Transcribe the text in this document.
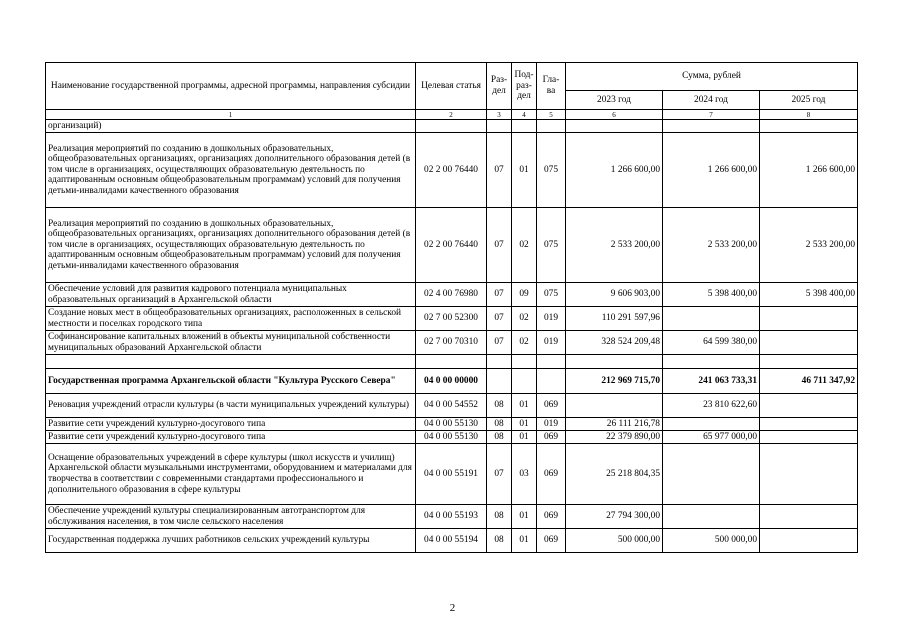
Наименование государственной программы, адресной программы, направления субсидии	Целевая статья	Раз-дел	Под-раз-дел	Гла-ва	Сумма, рублей		
					2023 год	2024 год	2025 год
1	2	3	4	5	6	7	8
организаций)							
Реализация мероприятий по созданию в дошкольных образовательных, общеобразовательных организациях, организациях дополнительного образования детей (в том числе в организациях, осуществляющих образовательную деятельность по адаптированным основным общеобразовательным программам) условий для получения детьми-инвалидами качественного образования	02 2 00 76440	07	01	075	1 266 600,00	1 266 600,00	1 266 600,00
Реализация мероприятий по созданию в дошкольных образовательных, общеобразовательных организациях, организациях дополнительного образования детей (в том числе в организациях, осуществляющих образовательную деятельность по адаптированным основным общеобразовательным программам) условий для получения детьми-инвалидами качественного образования	02 2 00 76440	07	02	075	2 533 200,00	2 533 200,00	2 533 200,00
Обеспечение условий для развития кадрового потенциала муниципальных образовательных организаций в Архангельской области	02 4 00 76980	07	09	075	9 606 903,00	5 398 400,00	5 398 400,00
Создание новых мест в общеобразовательных организациях, расположенных в сельской местности и поселках городского типа	02 7 00 52300	07	02	019	110 291 597,96		
Софинансирование капитальных вложений в объекты муниципальной собственности муниципальных образований Архангельской области	02 7 00 70310	07	02	019	328 524 209,48	64 599 380,00	

Государственная программа Архангельской области "Культура Русского Севера"	04 0 00 00000				212 969 715,70	241 063 733,31	46 711 347,92
Реновация учреждений отрасли культуры (в части муниципальных учреждений культуры)	04 0 00 54552	08	01	069		23 810 622,60	
Развитие сети учреждений культурно-досугового типа	04 0 00 55130	08	01	019	26 111 216,78		
Развитие сети учреждений культурно-досугового типа	04 0 00 55130	08	01	069	22 379 890,00	65 977 000,00	
Оснащение образовательных учреждений в сфере культуры (школ искусств и училищ) Архангельской области музыкальными инструментами, оборудованием и материалами для творчества в соответствии с современными стандартами профессионального и дополнительного образования в сфере культуры	04 0 00 55191	07	03	069	25 218 804,35		
Обеспечение учреждений культуры специализированным автотранспортом для обслуживания населения, в том числе сельского населения	04 0 00 55193	08	01	069	27 794 300,00		
Государственная поддержка лучших работников сельских учреждений культуры	04 0 00 55194	08	01	069	500 000,00	500 000,00	
2
